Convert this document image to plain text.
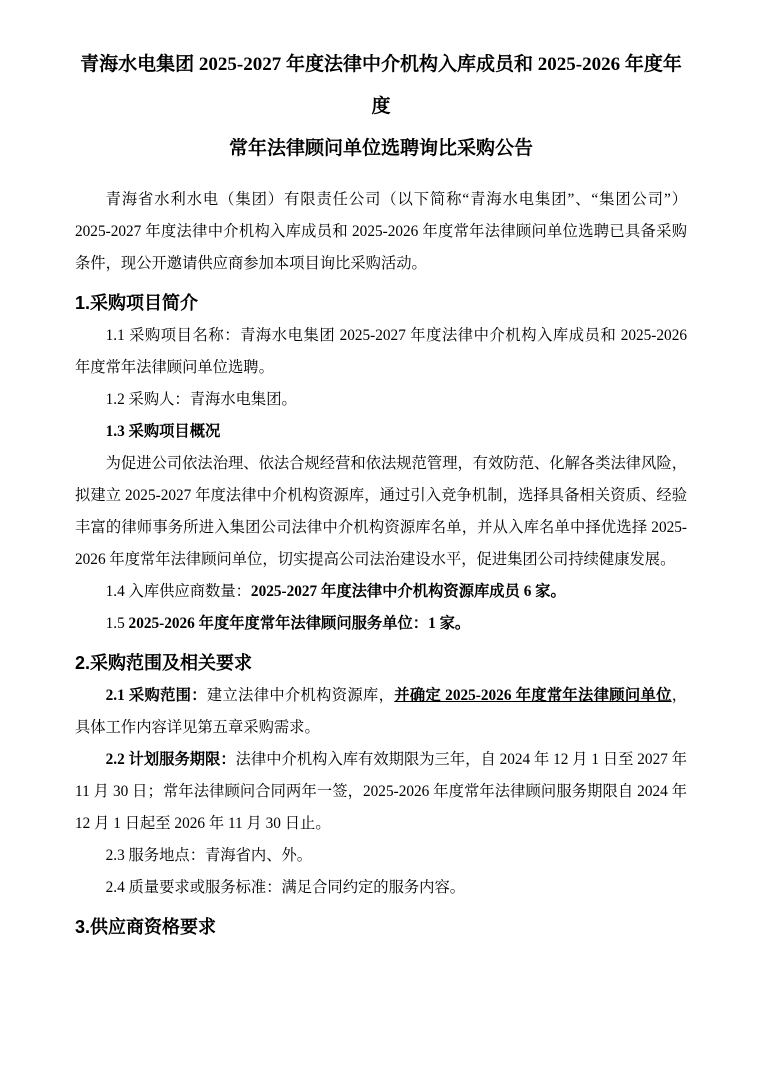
青海水电集团 2025-2027 年度法律中介机构入库成员和 2025-2026 年度年度
常年法律顾问单位选聘询比采购公告

青海省水利水电（集团）有限责任公司（以下简称“青海水电集团”、“集团公司”）2025-2027 年度法律中介机构入库成员和 2025-2026 年度常年法律顾问单位选聘已具备采购条件，现公开邀请供应商参加本项目询比采购活动。

1.采购项目简介

1.1 采购项目名称：青海水电集团 2025-2027 年度法律中介机构入库成员和 2025-2026 年度常年法律顾问单位选聘。

1.2 采购人：青海水电集团。

1.3 采购项目概况

为促进公司依法治理、依法合规经营和依法规范管理，有效防范、化解各类法律风险，拟建立 2025-2027 年度法律中介机构资源库，通过引入竞争机制，选择具备相关资质、经验丰富的律师事务所进入集团公司法律中介机构资源库名单，并从入库名单中择优选择 2025-2026 年度常年法律顾问单位，切实提高公司法治建设水平，促进集团公司持续健康发展。

1.4 入库供应商数量：2025-2027 年度法律中介机构资源库成员 6 家。

1.5 2025-2026 年度年度常年法律顾问服务单位：1 家。

2.采购范围及相关要求

2.1 采购范围：建立法律中介机构资源库，并确定 2025-2026 年度常年法律顾问单位，具体工作内容详见第五章采购需求。

2.2 计划服务期限：法律中介机构入库有效期限为三年，自 2024 年 12 月 1 日至 2027 年 11 月 30 日；常年法律顾问合同两年一签，2025-2026 年度常年法律顾问服务期限自 2024 年 12 月 1 日起至 2026 年 11 月 30 日止。

2.3 服务地点：青海省内、外。

2.4 质量要求或服务标准：满足合同约定的服务内容。

3.供应商资格要求
